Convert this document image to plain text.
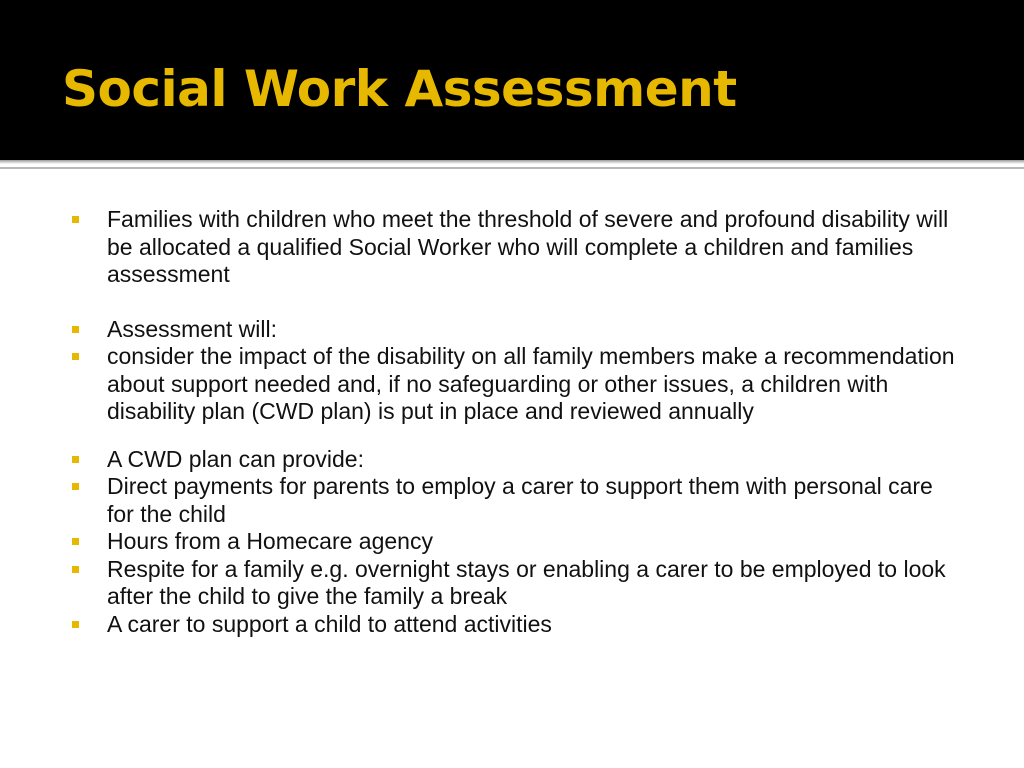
Social Work Assessment
Families with children who meet the threshold of severe and profound disability will be allocated a qualified Social Worker who will complete a children and families assessment
Assessment will:
consider the impact of the disability on all family members make a recommendation about support needed and, if no safeguarding or other issues, a children with disability plan (CWD plan) is put in place and reviewed annually
A CWD plan can provide:
Direct payments for parents to employ a carer to support them with personal care for the child
Hours from a Homecare agency
Respite for a family e.g. overnight stays or enabling a carer to be employed to look after the child to give the family a break
A carer to support a child to attend activities
